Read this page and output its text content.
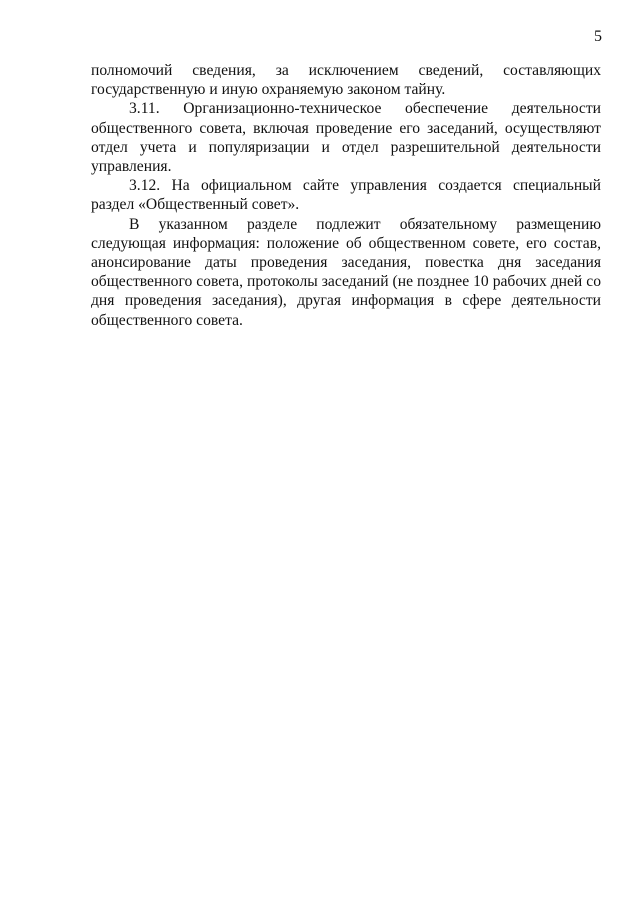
5

полномочий сведения, за исключением сведений, составляющих государственную и иную охраняемую законом тайну.

3.11. Организационно-техническое обеспечение деятельности общественного совета, включая проведение его заседаний, осуществляют отдел учета и популяризации и отдел разрешительной деятельности управления.

3.12. На официальном сайте управления создается специальный раздел «Общественный совет».

В указанном разделе подлежит обязательному размещению следующая информация: положение об общественном совете, его состав, анонсирование даты проведения заседания, повестка дня заседания общественного совета, протоколы заседаний (не позднее 10 рабочих дней со дня проведения заседания), другая информация в сфере деятельности общественного совета.
